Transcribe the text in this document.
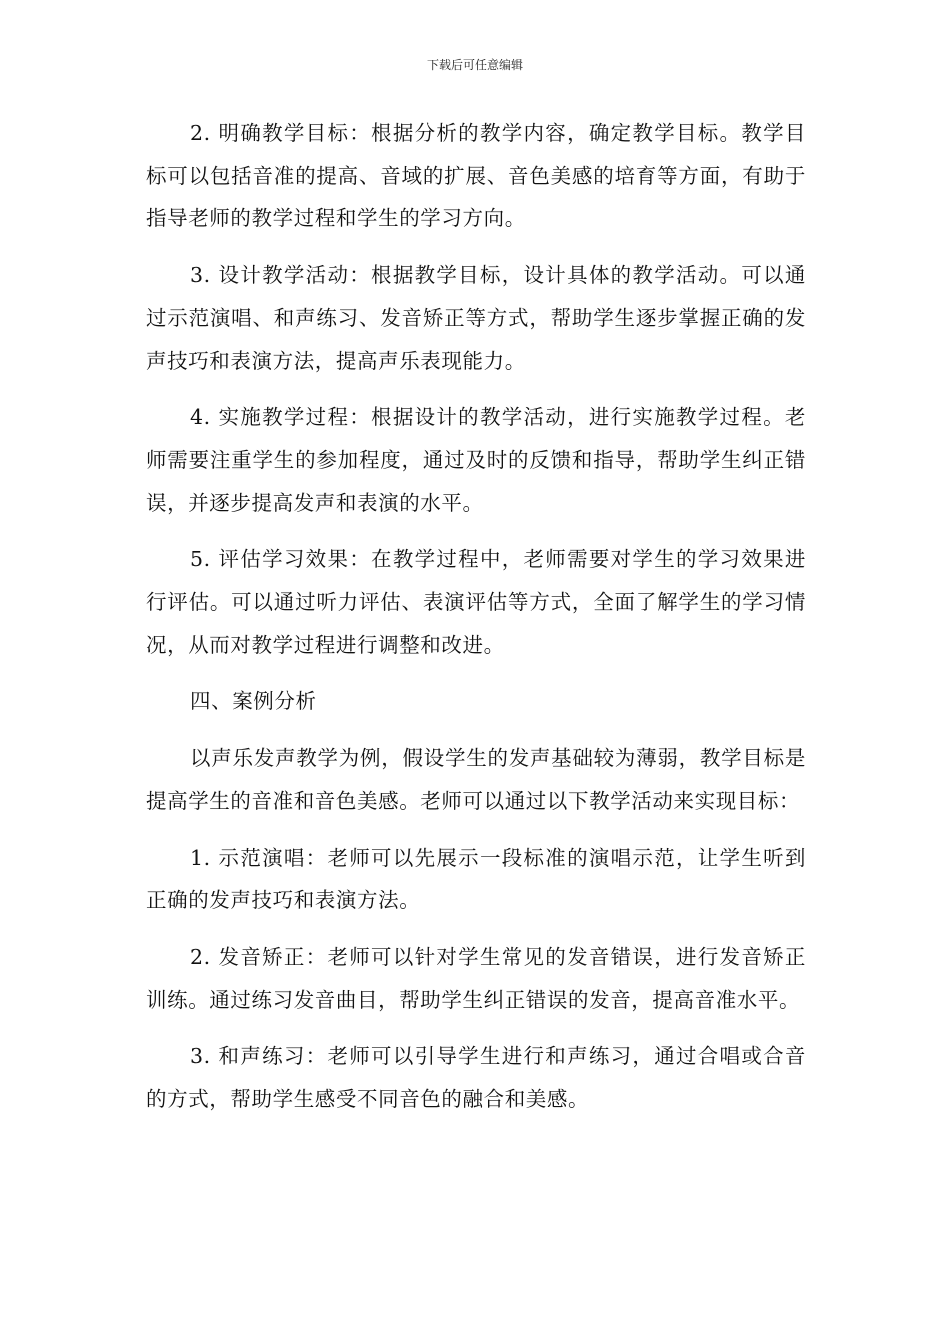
下载后可任意编辑

2. 明确教学目标：根据分析的教学内容，确定教学目标。教学目标可以包括音准的提高、音域的扩展、音色美感的培育等方面，有助于指导老师的教学过程和学生的学习方向。

3. 设计教学活动：根据教学目标，设计具体的教学活动。可以通过示范演唱、和声练习、发音矫正等方式，帮助学生逐步掌握正确的发声技巧和表演方法，提高声乐表现能力。

4. 实施教学过程：根据设计的教学活动，进行实施教学过程。老师需要注重学生的参加程度，通过及时的反馈和指导，帮助学生纠正错误，并逐步提高发声和表演的水平。

5. 评估学习效果：在教学过程中，老师需要对学生的学习效果进行评估。可以通过听力评估、表演评估等方式，全面了解学生的学习情况，从而对教学过程进行调整和改进。

四、案例分析

以声乐发声教学为例，假设学生的发声基础较为薄弱，教学目标是提高学生的音准和音色美感。老师可以通过以下教学活动来实现目标：

1. 示范演唱：老师可以先展示一段标准的演唱示范，让学生听到正确的发声技巧和表演方法。

2. 发音矫正：老师可以针对学生常见的发音错误，进行发音矫正训练。通过练习发音曲目，帮助学生纠正错误的发音，提高音准水平。

3. 和声练习：老师可以引导学生进行和声练习，通过合唱或合音的方式，帮助学生感受不同音色的融合和美感。
